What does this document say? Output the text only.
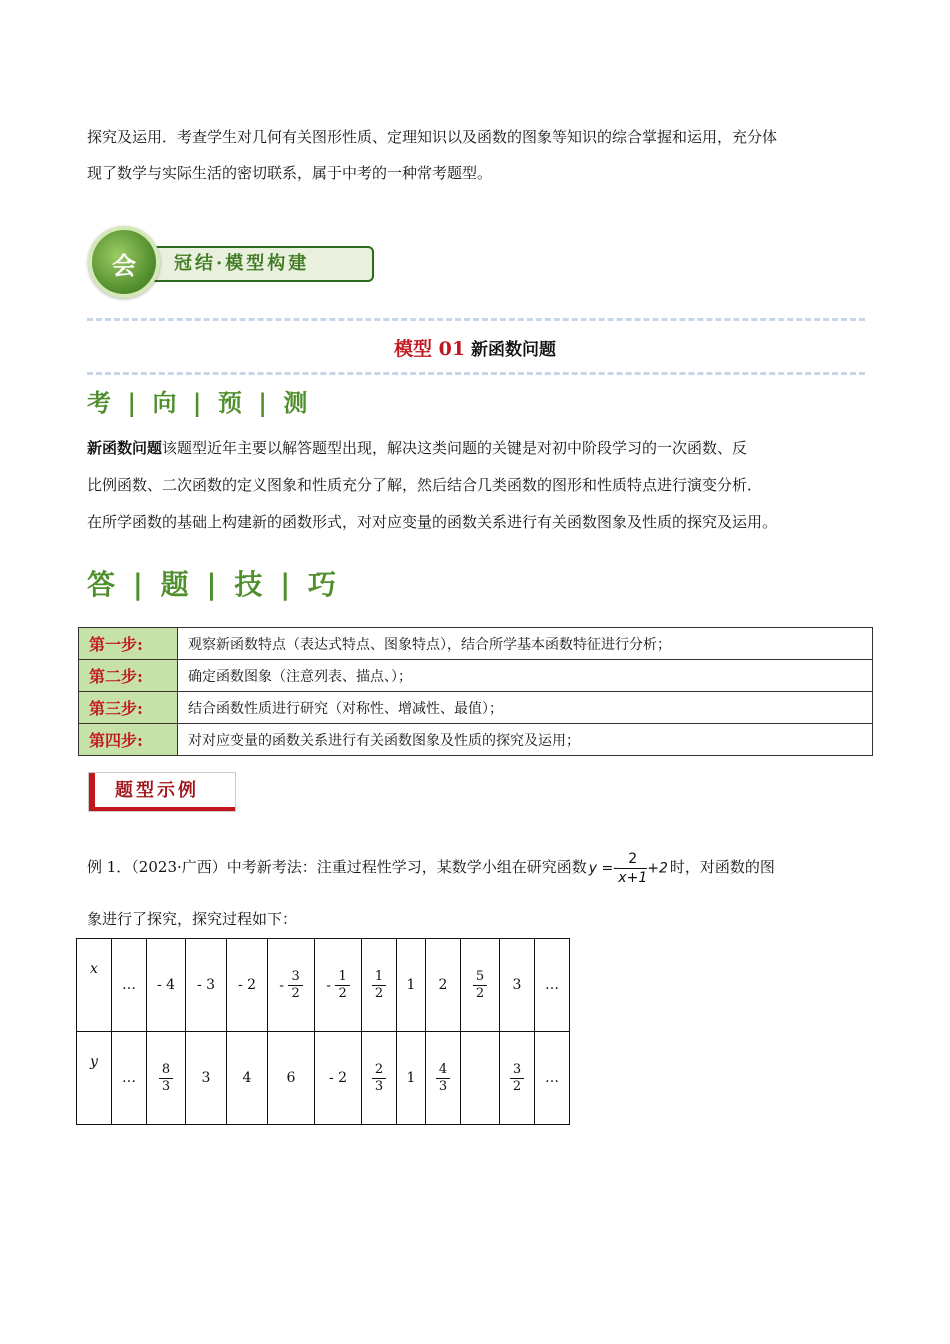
探究及运用．考查学生对几何有关图形性质、定理知识以及函数的图象等知识的综合掌握和运用，充分体
现了数学与实际生活的密切联系，属于中考的一种常考题型。
冠结·模型构建
会
模型 01 新函数问题
考 | 向 | 预 | 测
新函数问题该题型近年主要以解答题型出现，解决这类问题的关键是对初中阶段学习的一次函数、反
比例函数、二次函数的定义图象和性质充分了解，然后结合几类函数的图形和性质特点进行演变分析．
在所学函数的基础上构建新的函数形式，对对应变量的函数关系进行有关函数图象及性质的探究及运用。
答 | 题 | 技 | 巧
第一步:	观察新函数特点（表达式特点、图象特点），结合所学基本函数特征进行分析；
第二步:	确定函数图象（注意列表、描点、）；
第三步:	结合函数性质进行研究（对称性、增减性、最值）；
第四步:	对对应变量的函数关系进行有关函数图象及性质的探究及运用；
题型示例
例 1．（2023·广西）中考新考法：注重过程性学习，某数学小组在研究函数 $y =- \frac{2}{x+1} +2$ 时，对函数的图
象进行了探究，探究过程如下：
x	…	- 4	- 3	- 2	- $\frac{3}{2}$	- $\frac{1}{2}$	$\frac{1}{2}$	1	2	$\frac{5}{2}$	3	…
y	…	$\frac{8}{3}$	3	4	6	- 2	$\frac{2}{3}$	1	$\frac{4}{3}$		$\frac{3}{2}$	…
